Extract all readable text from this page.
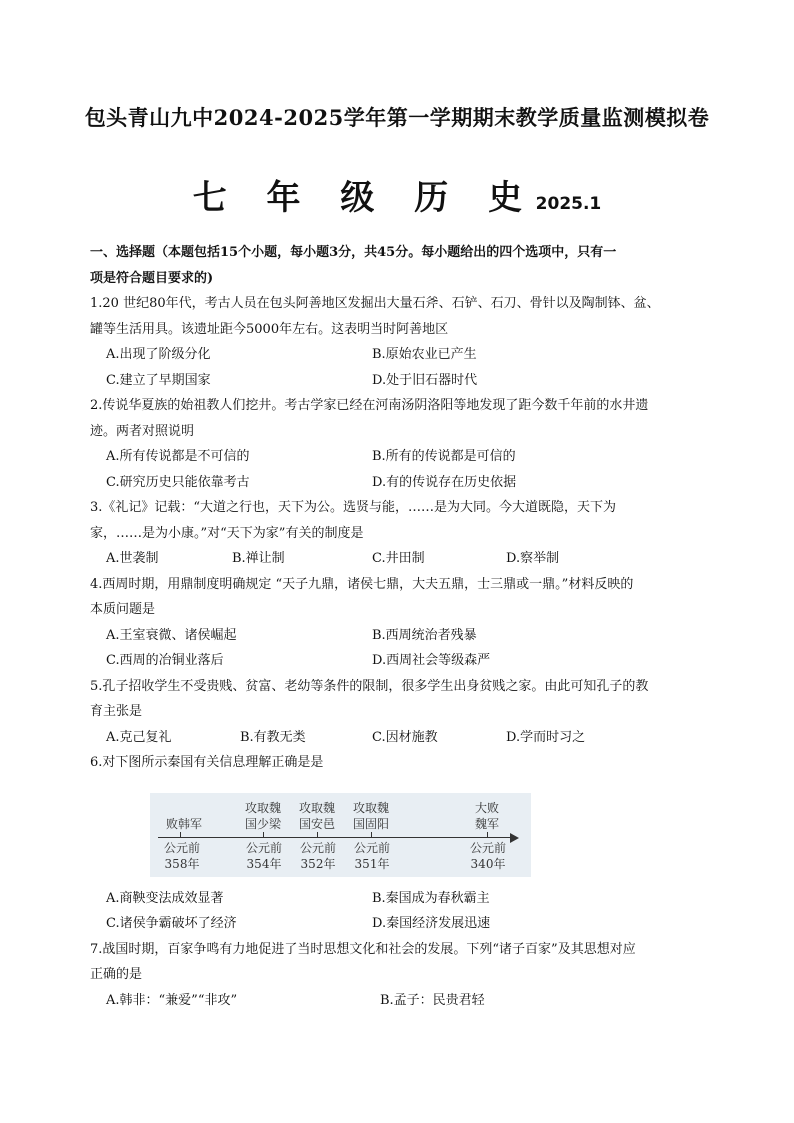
包头青山九中2024-2025学年第一学期期末教学质量监测模拟卷
七 年 级 历 史 2025.1
一、选择题（本题包括15个小题，每小题3分，共45分。每小题给出的四个选项中，只有一
项是符合题目要求的)
1.20 世纪80年代，考古人员在包头阿善地区发掘出大量石斧、石铲、石刀、骨针以及陶制钵、盆、
罐等生活用具。该遗址距今5000年左右。这表明当时阿善地区
A.出现了阶级分化	B.原始农业已产生
C.建立了早期国家	D.处于旧石器时代
2.传说华夏族的始祖教人们挖井。考古学家已经在河南汤阴洛阳等地发现了距今数千年前的水井遗
迹。两者对照说明
A.所有传说都是不可信的	B.所有的传说都是可信的
C.研究历史只能依靠考古	D.有的传说存在历史依据
3.《礼记》记载：“大道之行也，天下为公。选贤与能，……是为大同。今大道既隐，天下为
家，……是为小康。”对“天下为家”有关的制度是
A.世袭制	B.禅让制	C.井田制	D.察举制
4.西周时期，用鼎制度明确规定 “天子九鼎，诸侯七鼎，大夫五鼎，士三鼎或一鼎。”材料反映的
本质问题是
A.王室衰微、诸侯崛起	B.西周统治者残暴
C.西周的冶铜业落后	D.西周社会等级森严
5.孔子招收学生不受贵贱、贫富、老幼等条件的限制，很多学生出身贫贱之家。由此可知孔子的教
育主张是
A.克己复礼	B.有教无类	C.因材施教	D.学而时习之
6.对下图所示秦国有关信息理解正确是是
A.商鞅变法成效显著	B.秦国成为春秋霸主
C.诸侯争霸破坏了经济	D.秦国经济发展迅速
7.战国时期，百家争鸣有力地促进了当时思想文化和社会的发展。下列“诸子百家”及其思想对应
正确的是
A.韩非：“兼爱”“非攻”	B.孟子：民贵君轻
败韩军
攻取魏
国少梁
攻取魏
国安邑
攻取魏
国固阳
大败
魏军
公元前
358年
公元前
354年
公元前
352年
公元前
351年
公元前
340年
